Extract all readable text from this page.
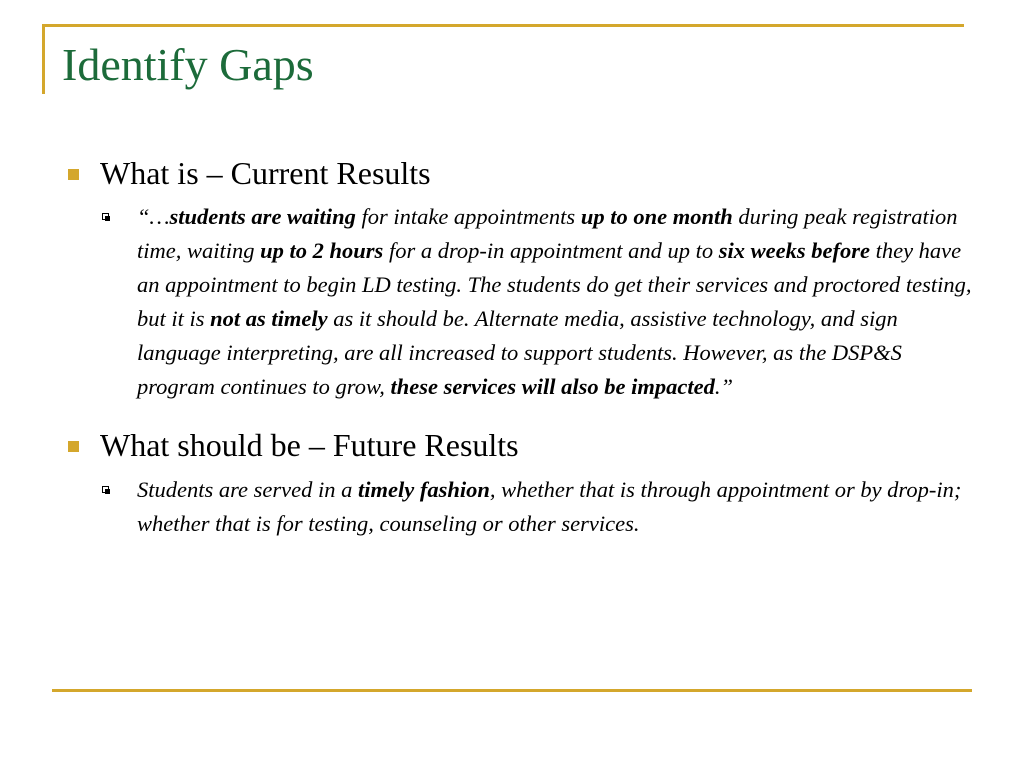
Identify Gaps
What is – Current Results
“…students are waiting for intake appointments up to one month during peak registration time, waiting up to 2 hours for a drop-in appointment and up to six weeks before they have an appointment to begin LD testing. The students do get their services and proctored testing, but it is not as timely as it should be. Alternate media, assistive technology, and sign language interpreting, are all increased to support students. However, as the DSP&S program continues to grow, these services will also be impacted.”
What should be – Future Results
Students are served in a timely fashion, whether that is through appointment or by drop-in; whether that is for testing, counseling or other services.
